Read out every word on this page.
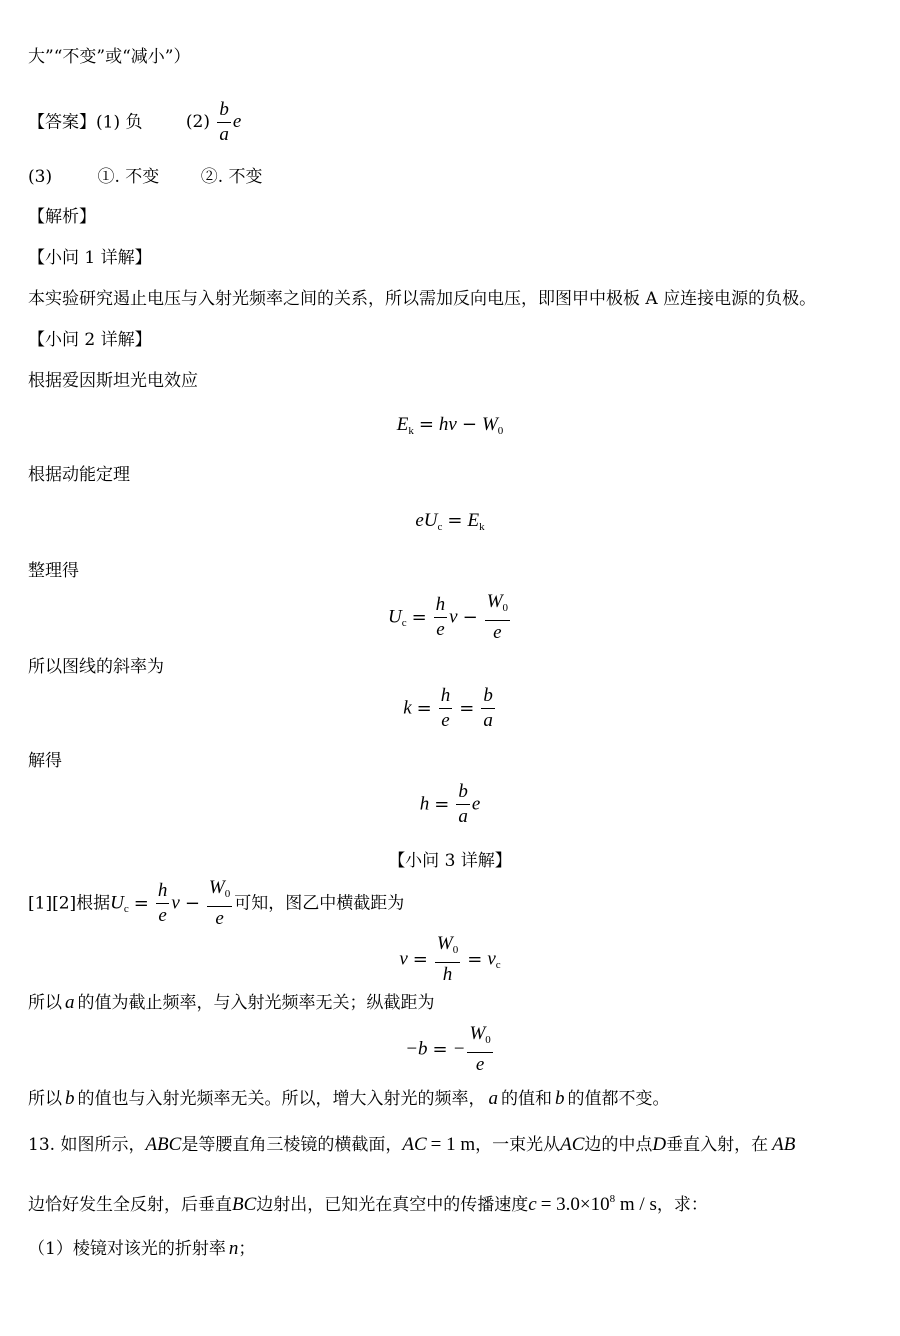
大”“不变”或“减小”）
【答案】(1) 负	$(2) \frac{b}{a}$ e
(3)	①. 不变 ②. 不变
【解析】
【小问 1 详解】
本实验研究遏止电压与入射光频率之间的关系，所以需加反向电压，即图甲中极板 A 应连接电源的负极。
【小问 2 详解】
根据爱因斯坦光电效应
$E_k = h\nu - W_0$
根据动能定理
$eU_c = E_k$
整理得
$U_c = \frac{h}{e}$ $\nu - \frac{W_0}{e}$
所以图线的斜率为
$k = \frac{h}{e} = \frac{b}{a}$
解得
$h = \frac{b}{a}$ e
【小问 3 详解】
[1][2]根据$U_c = \frac{h}{e}$ $\nu - \frac{W_0}{e}$ 可知，图乙中横截距为
$\nu = \frac{W_0}{h} = \nu_c$
所以 a 的值为截止频率，与入射光频率无关；纵截距为
−b = − $\frac{W_0}{e}$
所以 b 的值也与入射光频率无关。所以，增大入射光的频率， a 的值和 b 的值都不变。
13. 如图所示，ABC是等腰直角三棱镜的横截面，AC = 1 m，一束光从AC边的中点D垂直入射，在 AB
边恰好发生全反射，后垂直BC边射出，已知光在真空中的传播速度$c = 3.0\times 10^8$ m / s，求：
（1）棱镜对该光的折射率 n；
